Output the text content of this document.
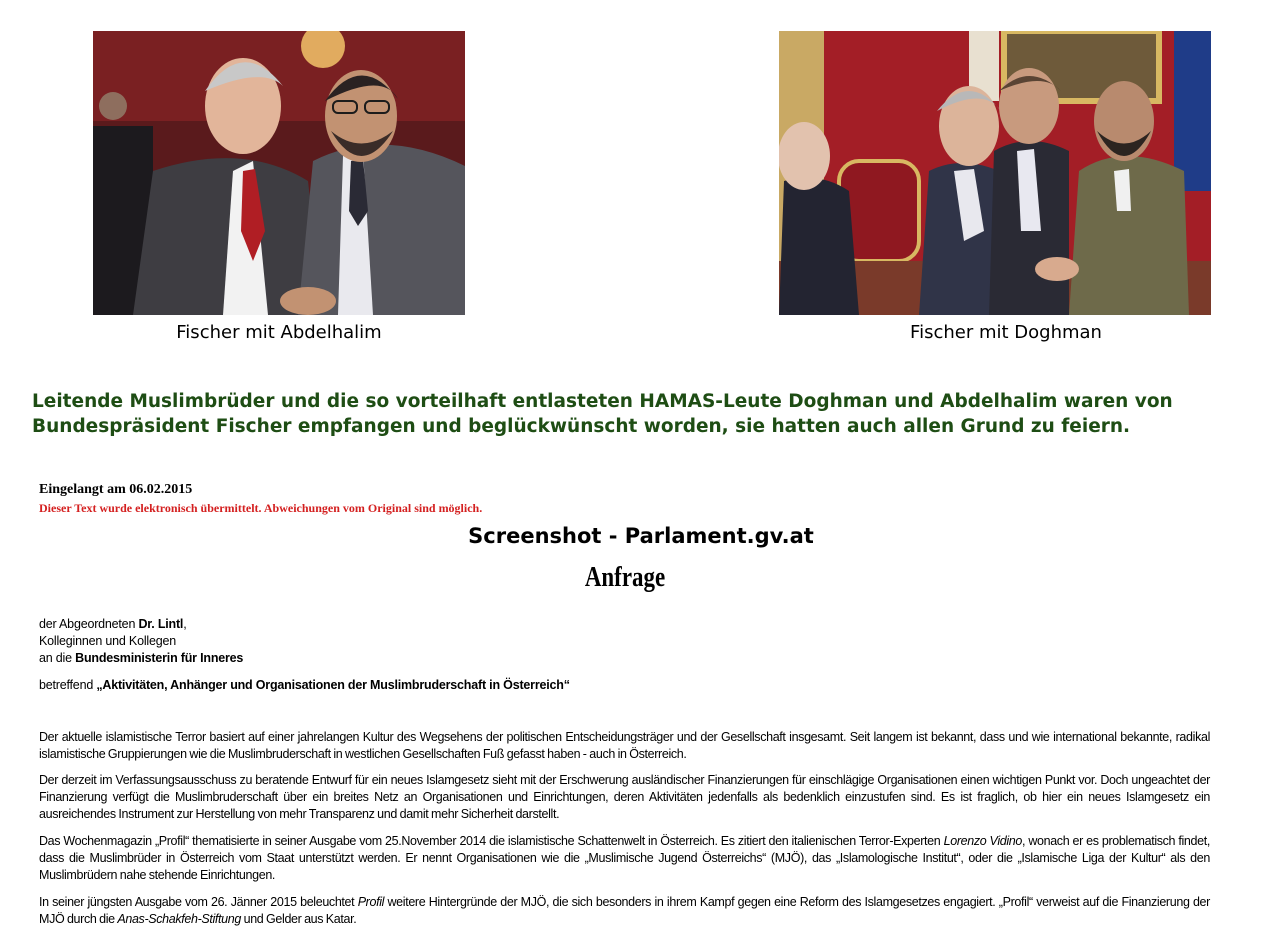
Fischer mit Abdelhalim	Fischer mit Doghman
Leitende Muslimbrüder und die so vorteilhaft entlasteten HAMAS-Leute Doghman und Abdelhalim waren von Bundespräsident Fischer empfangen und beglückwünscht worden, sie hatten auch allen Grund zu feiern.
Eingelangt am 06.02.2015
Dieser Text wurde elektronisch übermittelt. Abweichungen vom Original sind möglich.
Screenshot - Parlament.gv.at
Anfrage
der Abgeordneten Dr. Lintl,
Kolleginnen und Kollegen
an die Bundesministerin für Inneres
betreffend „Aktivitäten, Anhänger und Organisationen der Muslimbruderschaft in Österreich“
Der aktuelle islamistische Terror basiert auf einer jahrelangen Kultur des Wegsehens der politischen Entscheidungsträger und der Gesellschaft insgesamt. Seit langem ist bekannt, dass und wie international bekannte, radikal islamistische Gruppierungen wie die Muslimbruderschaft in westlichen Gesellschaften Fuß gefasst haben - auch in Österreich.
Der derzeit im Verfassungsausschuss zu beratende Entwurf für ein neues Islamgesetz sieht mit der Erschwerung ausländischer Finanzierungen für einschlägige Organisationen einen wichtigen Punkt vor. Doch ungeachtet der Finanzierung verfügt die Muslimbruderschaft über ein breites Netz an Organisationen und Einrichtungen, deren Aktivitäten jedenfalls als bedenklich einzustufen sind. Es ist fraglich, ob hier ein neues Islamgesetz ein ausreichendes Instrument zur Herstellung von mehr Transparenz und damit mehr Sicherheit darstellt.
Das Wochenmagazin „Profil“ thematisierte in seiner Ausgabe vom 25.November 2014 die islamistische Schattenwelt in Österreich. Es zitiert den italienischen Terror-Experten Lorenzo Vidino, wonach er es problematisch findet, dass die Muslimbrüder in Österreich vom Staat unterstützt werden. Er nennt Organisationen wie die „Muslimische Jugend Österreichs“ (MJÖ), das „Islamologische Institut“, oder die „Islamische Liga der Kultur“ als den Muslimbrüdern nahe stehende Einrichtungen.
In seiner jüngsten Ausgabe vom 26. Jänner 2015 beleuchtet Profil weitere Hintergründe der MJÖ, die sich besonders in ihrem Kampf gegen eine Reform des Islamgesetzes engagiert. „Profil“ verweist auf die Finanzierung der MJÖ durch die Anas-Schakfeh-Stiftung und Gelder aus Katar.
